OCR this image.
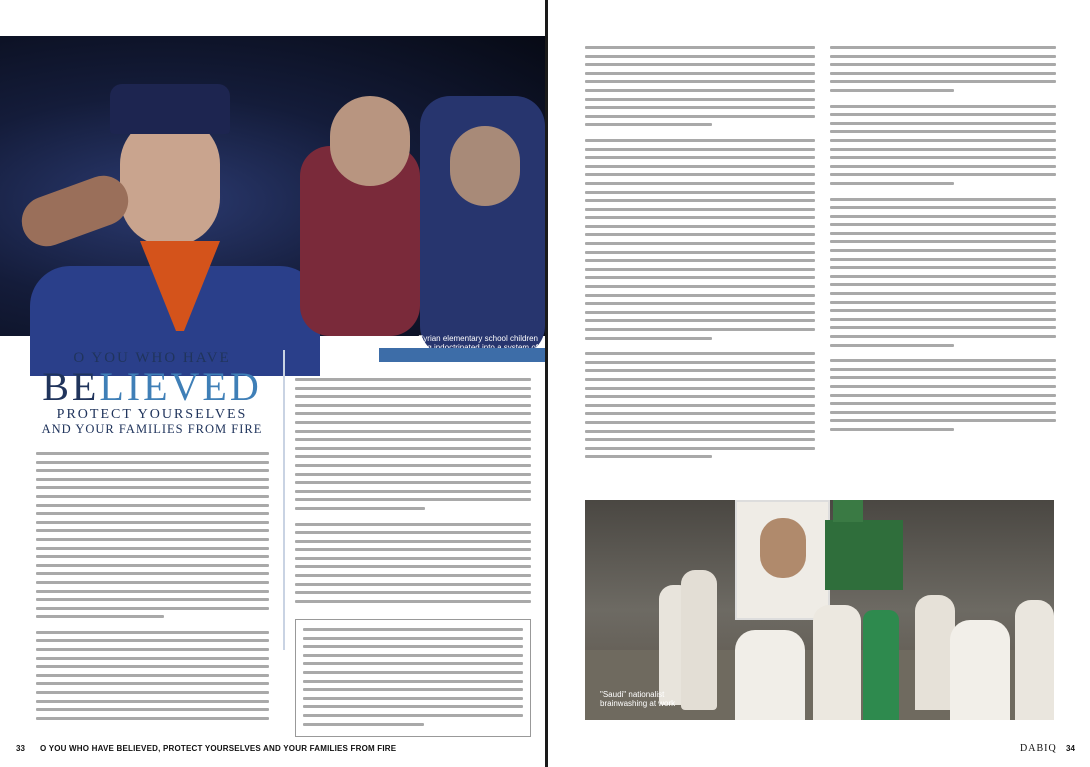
Syrian elementary school children
O YOU WHO HAVE
BELIEVED
PROTECT YOURSELVES
AND YOUR FAMILIES FROM FIRE
33 O YOU WHO HAVE BELIEVED, PROTECT YOURSELVES AND YOUR FAMILIES FROM FIRE
"Saudi" nationalist brainwashing at work
DABIQ 34
